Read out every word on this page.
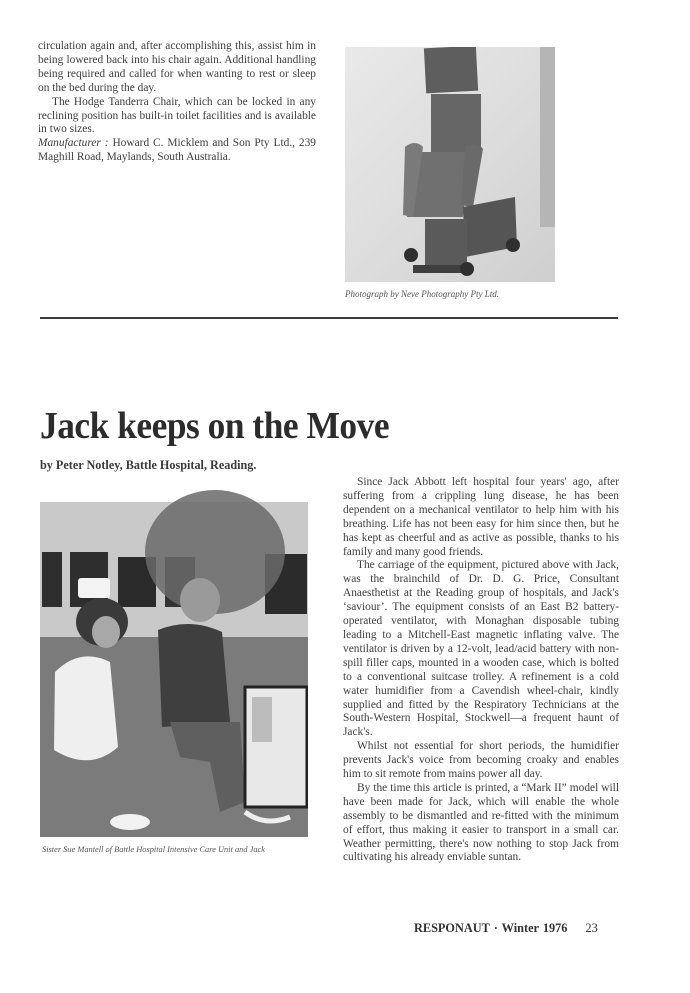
circulation again and, after accomplishing this, assist him in being lowered back into his chair again. Additional handling being required and called for when wanting to rest or sleep on the bed during the day.

The Hodge Tanderra Chair, which can be locked in any reclining position has built-in toilet facilities and is available in two sizes.

Manufacturer : Howard C. Micklem and Son Pty Ltd., 239 Maghill Road, Maylands, South Australia.

Photograph by Neve Photography Pty Ltd.
Jack keeps on the Move
by Peter Notley, Battle Hospital, Reading.
Sister Sue Mantell of Battle Hospital Intensive Care Unit and Jack

Since Jack Abbott left hospital four years' ago, after suffering from a crippling lung disease, he has been dependent on a mechanical ventilator to help him with his breathing. Life has not been easy for him since then, but he has kept as cheerful and as active as possible, thanks to his family and many good friends.

The carriage of the equipment, pictured above with Jack, was the brainchild of Dr. D. G. Price, Consultant Anaesthetist at the Reading group of hospitals, and Jack's ‘saviour’. The equipment consists of an East B2 battery-operated ventilator, with Monaghan disposable tubing leading to a Mitchell-East magnetic inflating valve. The ventilator is driven by a 12-volt, lead/acid battery with non-spill filler caps, mounted in a wooden case, which is bolted to a conventional suitcase trolley. A refinement is a cold water humidifier from a Cavendish wheel-chair, kindly supplied and fitted by the Respiratory Technicians at the South-Western Hospital, Stockwell—a frequent haunt of Jack's.

Whilst not essential for short periods, the humidifier prevents Jack's voice from becoming croaky and enables him to sit remote from mains power all day.

By the time this article is printed, a “Mark II” model will have been made for Jack, which will enable the whole assembly to be dismantled and re-fitted with the minimum of effort, thus making it easier to transport in a small car. Weather permitting, there's now nothing to stop Jack from cultivating his already enviable suntan.

RESPONAUT · Winter 1976 23
